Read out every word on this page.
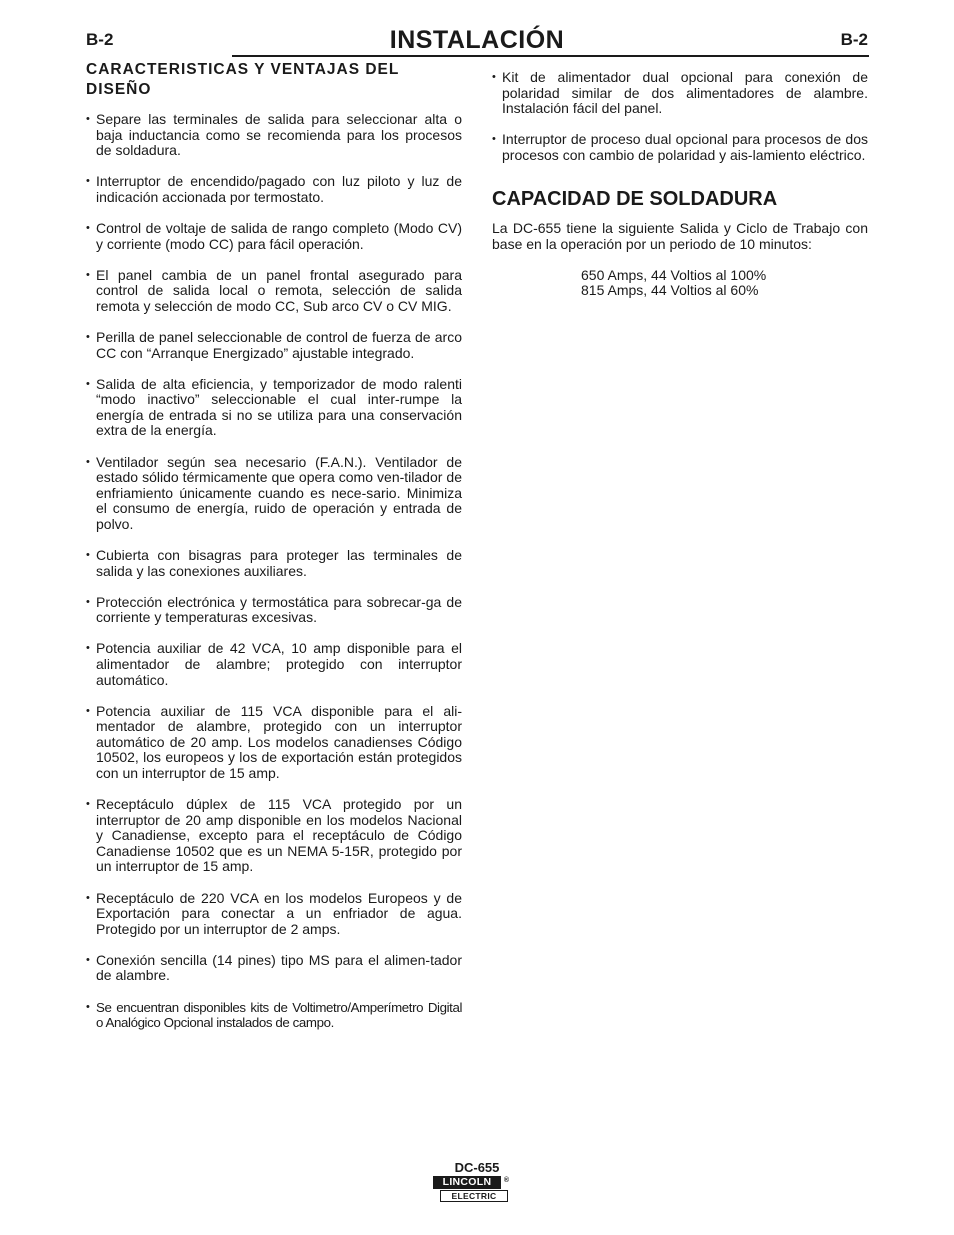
B-2	INSTALACIÓN	B-2
CARACTERISTICAS Y VENTAJAS DEL DISEÑO
• Separe las terminales de salida para seleccionar alta o baja inductancia como se recomienda para los procesos de soldadura.
• Interruptor de encendido/pagado con luz piloto y luz de indicación accionada por termostato.
• Control de voltaje de salida de rango completo (Modo CV) y corriente (modo CC) para fácil operación.
• El panel cambia de un panel frontal asegurado para control de salida local o remota, selección de salida remota y selección de modo CC, Sub arco CV o CV MIG.
• Perilla de panel seleccionable de control de fuerza de arco CC con “Arranque Energizado” ajustable integrado.
• Salida de alta eficiencia, y temporizador de modo ralenti “modo inactivo” seleccionable el cual inter-rumpe la energía de entrada si no se utiliza para una conservación extra de la energía.
• Ventilador según sea necesario (F.A.N.). Ventilador de estado sólido térmicamente que opera como ven-tilador de enfriamiento únicamente cuando es nece-sario. Minimiza el consumo de energía, ruido de operación y entrada de polvo.
• Cubierta con bisagras para proteger las terminales de salida y las conexiones auxiliares.
• Protección electrónica y termostática para sobrecar-ga de corriente y temperaturas excesivas.
• Potencia auxiliar de 42 VCA, 10 amp disponible para el alimentador de alambre; protegido con interruptor automático.
• Potencia auxiliar de 115 VCA disponible para el ali-mentador de alambre, protegido con un interruptor automático de 20 amp. Los modelos canadienses Código 10502, los europeos y los de exportación están protegidos con un interruptor de 15 amp.
• Receptáculo dúplex de 115 VCA protegido por un interruptor de 20 amp disponible en los modelos Nacional y Canadiense, excepto para el receptáculo de Código Canadiense 10502 que es un NEMA 5-15R, protegido por un interruptor de 15 amp.
• Receptáculo de 220 VCA en los modelos Europeos y de Exportación para conectar a un enfriador de agua. Protegido por un interruptor de 2 amps.
• Conexión sencilla (14 pines) tipo MS para el alimen-tador de alambre.
• Se encuentran disponibles kits de Voltimetro/Amperímetro Digital o Analógico Opcional instalados de campo.
• Kit de alimentador dual opcional para conexión de polaridad similar de dos alimentadores de alambre. Instalación fácil del panel.
• Interruptor de proceso dual opcional para procesos de dos procesos con cambio de polaridad y ais-lamiento eléctrico.
CAPACIDAD DE SOLDADURA

La DC-655 tiene la siguiente Salida y Ciclo de Trabajo con base en la operación por un periodo de 10 minutos:

650 Amps, 44 Voltios al 100%
815 Amps, 44 Voltios al 60%
DC-655
LINCOLN	®
ELECTRIC
